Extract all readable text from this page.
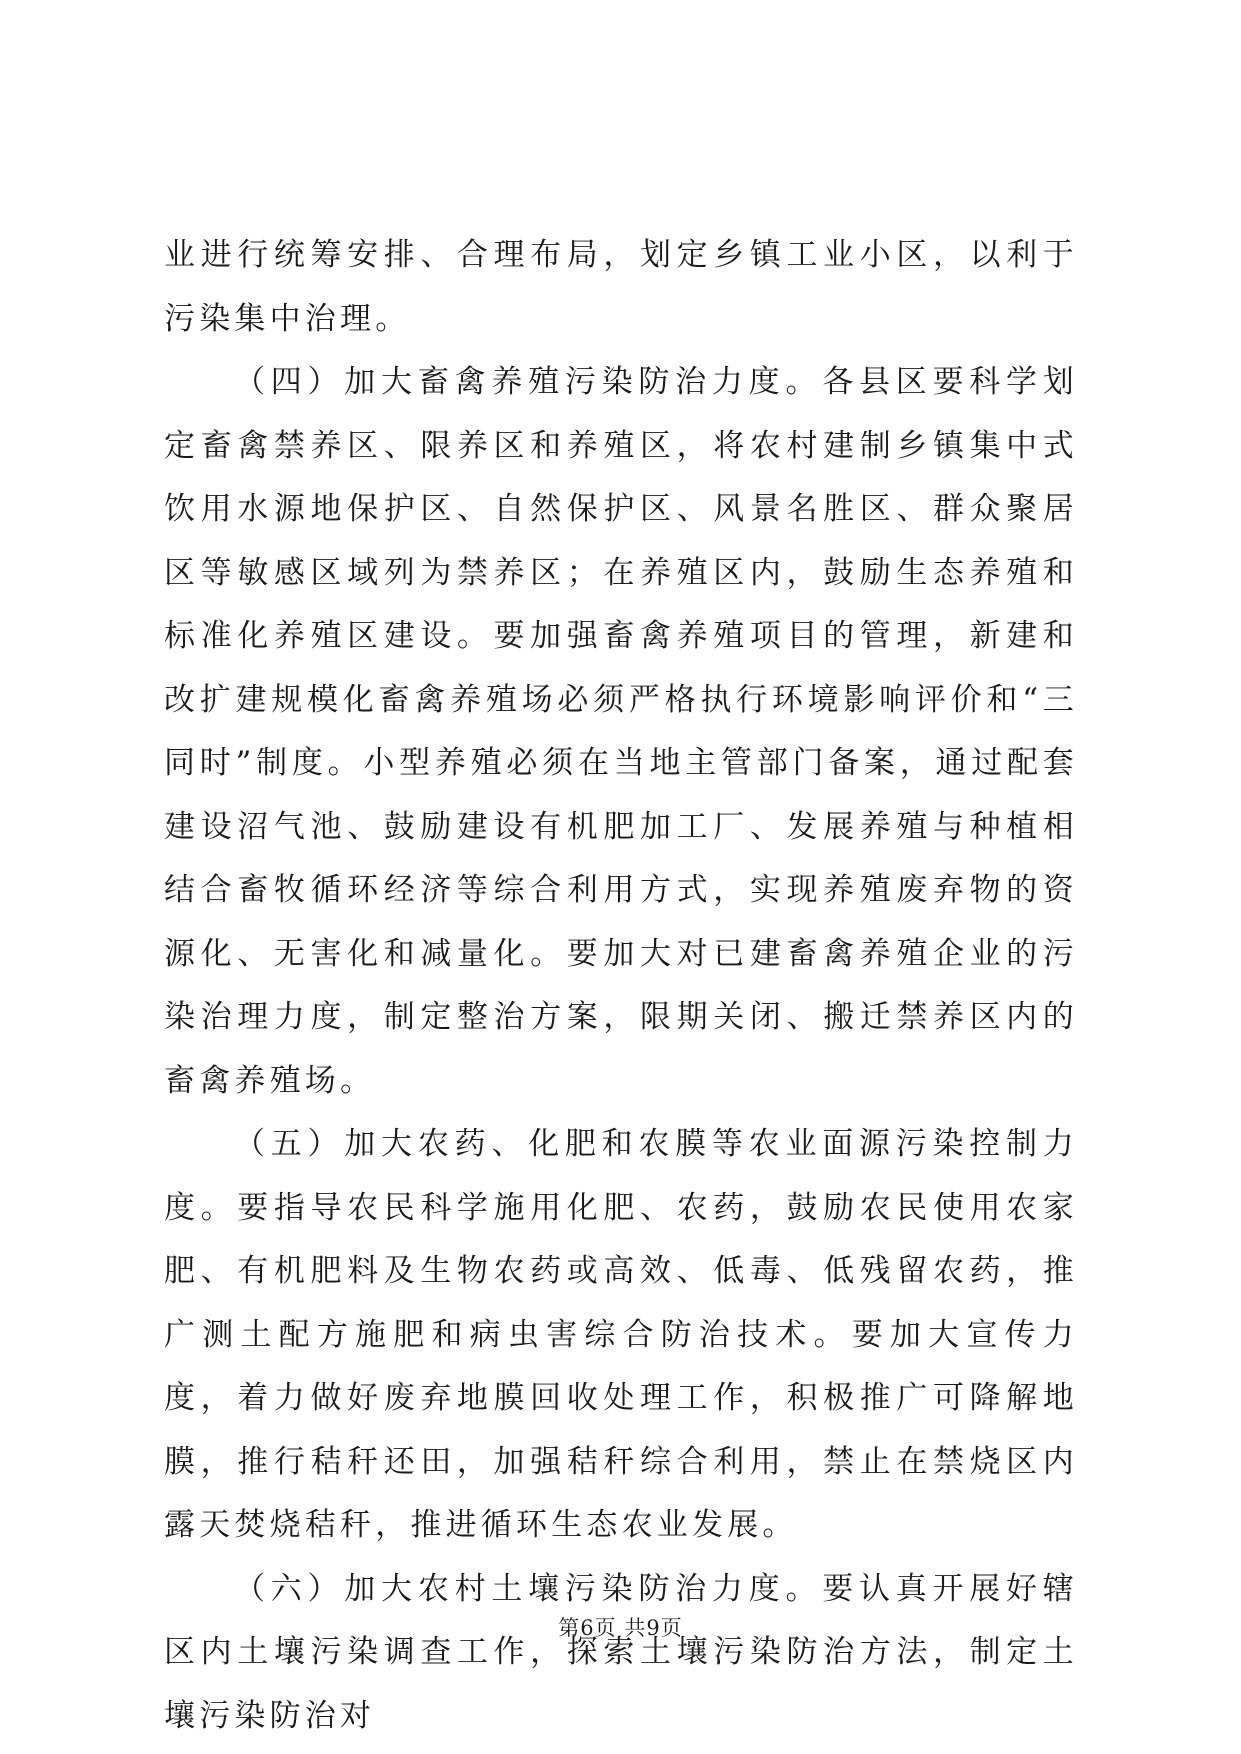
业进行统筹安排、合理布局，划定乡镇工业小区，以利于污染集中治理。

（四）加大畜禽养殖污染防治力度。各县区要科学划定畜禽禁养区、限养区和养殖区，将农村建制乡镇集中式饮用水源地保护区、自然保护区、风景名胜区、群众聚居区等敏感区域列为禁养区；在养殖区内，鼓励生态养殖和标准化养殖区建设。要加强畜禽养殖项目的管理，新建和改扩建规模化畜禽养殖场必须严格执行环境影响评价和“三同时”制度。小型养殖必须在当地主管部门备案，通过配套建设沼气池、鼓励建设有机肥加工厂、发展养殖与种植相结合畜牧循环经济等综合利用方式，实现养殖废弃物的资源化、无害化和减量化。要加大对已建畜禽养殖企业的污染治理力度，制定整治方案，限期关闭、搬迁禁养区内的畜禽养殖场。

（五）加大农药、化肥和农膜等农业面源污染控制力度。要指导农民科学施用化肥、农药，鼓励农民使用农家肥、有机肥料及生物农药或高效、低毒、低残留农药，推广测土配方施肥和病虫害综合防治技术。要加大宣传力度，着力做好废弃地膜回收处理工作，积极推广可降解地膜，推行秸秆还田，加强秸秆综合利用，禁止在禁烧区内露天焚烧秸秆，推进循环生态农业发展。

（六）加大农村土壤污染防治力度。要认真开展好辖区内土壤污染调查工作，探索土壤污染防治方法，制定土壤污染防治对

第6页 共9页
